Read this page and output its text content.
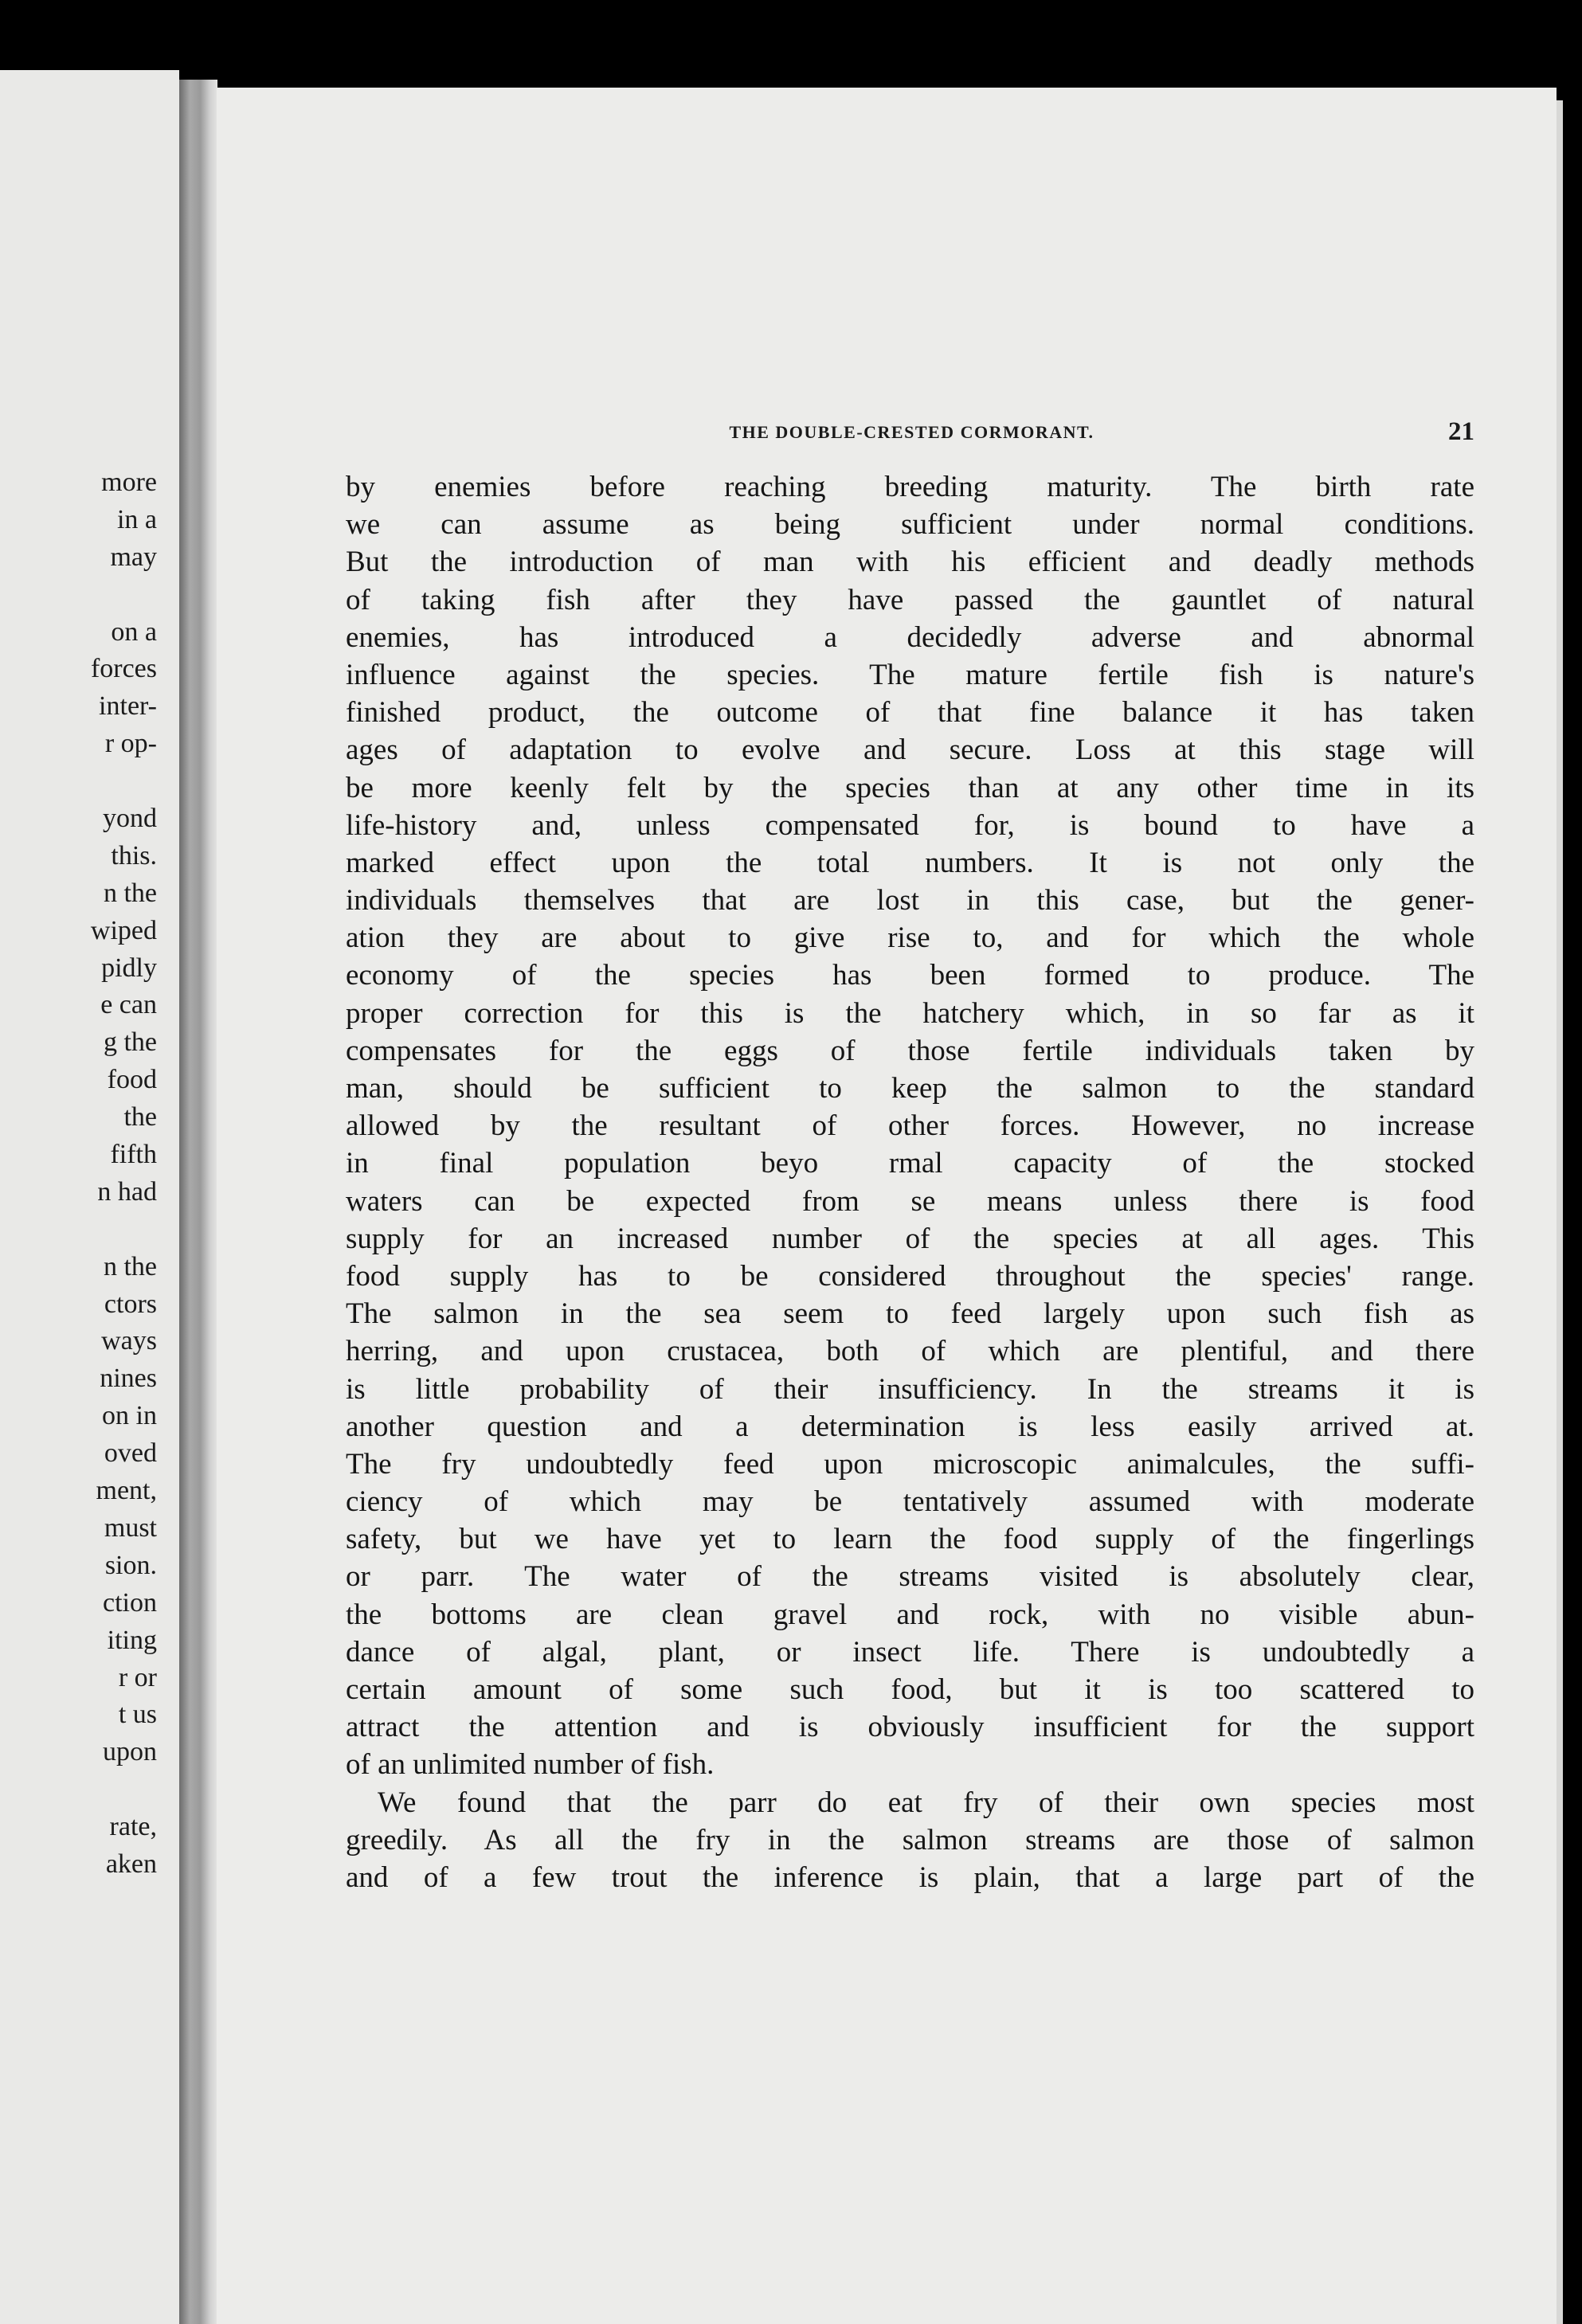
more
in a
may
on a
forces
inter-
r op-
yond
this.
n the
wiped
pidly
e can
g the
food
the
fifth
n had
n the
ctors
ways
nines
on in
oved
ment,
must
sion.
ction
iting
r or
t us
upon
rate,
aken
THE DOUBLE-CRESTED CORMORANT.	21
by enemies before reaching breeding maturity. The birth rate
we can assume as being sufficient under normal conditions.
But the introduction of man with his efficient and deadly methods
of taking fish after they have passed the gauntlet of natural
enemies, has introduced a decidedly adverse and abnormal
influence against the species. The mature fertile fish is nature's
finished product, the outcome of that fine balance it has taken
ages of adaptation to evolve and secure. Loss at this stage will
be more keenly felt by the species than at any other time in its
life-history and, unless compensated for, is bound to have a
marked effect upon the total numbers. It is not only the
individuals themselves that are lost in this case, but the gener-
ation they are about to give rise to, and for which the whole
economy of the species has been formed to produce. The
proper correction for this is the hatchery which, in so far as it
compensates for the eggs of those fertile individuals taken by
man, should be sufficient to keep the salmon to the standard
allowed by the resultant of other forces. However, no increase
in final population beyo rmal capacity of the stocked
waters can be expected from se means unless there is food
supply for an increased number of the species at all ages. This
food supply has to be considered throughout the species' range.
The salmon in the sea seem to feed largely upon such fish as
herring, and upon crustacea, both of which are plentiful, and there
is little probability of their insufficiency. In the streams it is
another question and a determination is less easily arrived at.
The fry undoubtedly feed upon microscopic animalcules, the suffi-
ciency of which may be tentatively assumed with moderate
safety, but we have yet to learn the food supply of the fingerlings
or parr. The water of the streams visited is absolutely clear,
the bottoms are clean gravel and rock, with no visible abun-
dance of algal, plant, or insect life. There is undoubtedly a
certain amount of some such food, but it is too scattered to
attract the attention and is obviously insufficient for the support
of an unlimited number of fish.
We found that the parr do eat fry of their own species most
greedily. As all the fry in the salmon streams are those of salmon
and of a few trout the inference is plain, that a large part of the
